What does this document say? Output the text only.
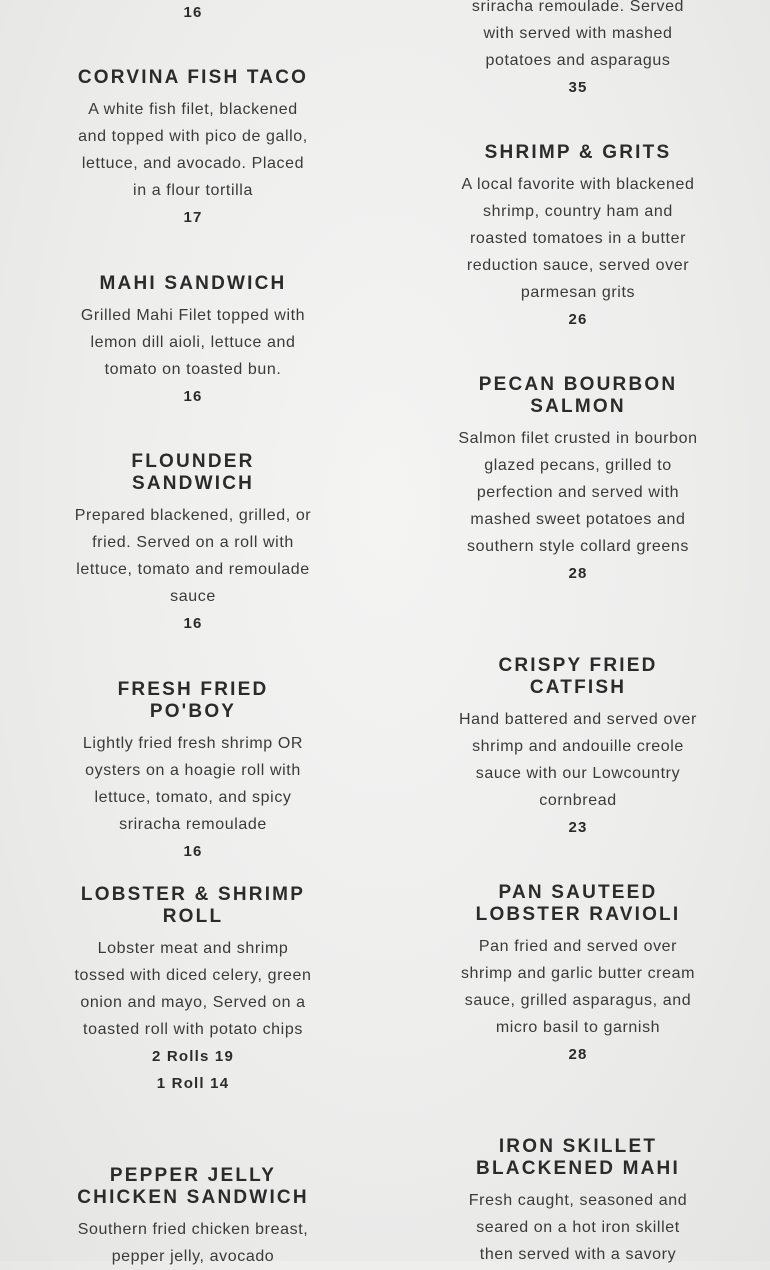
16

CORVINA FISH TACO

A white fish filet, blackened and topped with pico de gallo, lettuce, and avocado. Placed in a flour tortilla

17

MAHI SANDWICH

Grilled Mahi Filet topped with lemon dill aioli, lettuce and tomato on toasted bun.

16

FLOUNDER SANDWICH

Prepared blackened, grilled, or fried. Served on a roll with lettuce, tomato and remoulade sauce

16

FRESH FRIED PO'BOY

Lightly fried fresh shrimp OR oysters on a hoagie roll with lettuce, tomato, and spicy sriracha remoulade

16

LOBSTER & SHRIMP ROLL

Lobster meat and shrimp tossed with diced celery, green onion and mayo, Served on a toasted roll with potato chips

2 Rolls 19

1 Roll 14

PEPPER JELLY CHICKEN SANDWICH

Southern fried chicken breast, pepper jelly, avocado

sriracha remoulade. Served with served with mashed potatoes and asparagus

35

SHRIMP & GRITS

A local favorite with blackened shrimp, country ham and roasted tomatoes in a butter reduction sauce, served over parmesan grits

26

PECAN BOURBON SALMON

Salmon filet crusted in bourbon glazed pecans, grilled to perfection and served with mashed sweet potatoes and southern style collard greens

28

CRISPY FRIED CATFISH

Hand battered and served over shrimp and andouille creole sauce with our Lowcountry cornbread

23

PAN SAUTEED LOBSTER RAVIOLI

Pan fried and served over shrimp and garlic butter cream sauce, grilled asparagus, and micro basil to garnish

28

IRON SKILLET BLACKENED MAHI

Fresh caught, seasoned and seared on a hot iron skillet then served with a savory
